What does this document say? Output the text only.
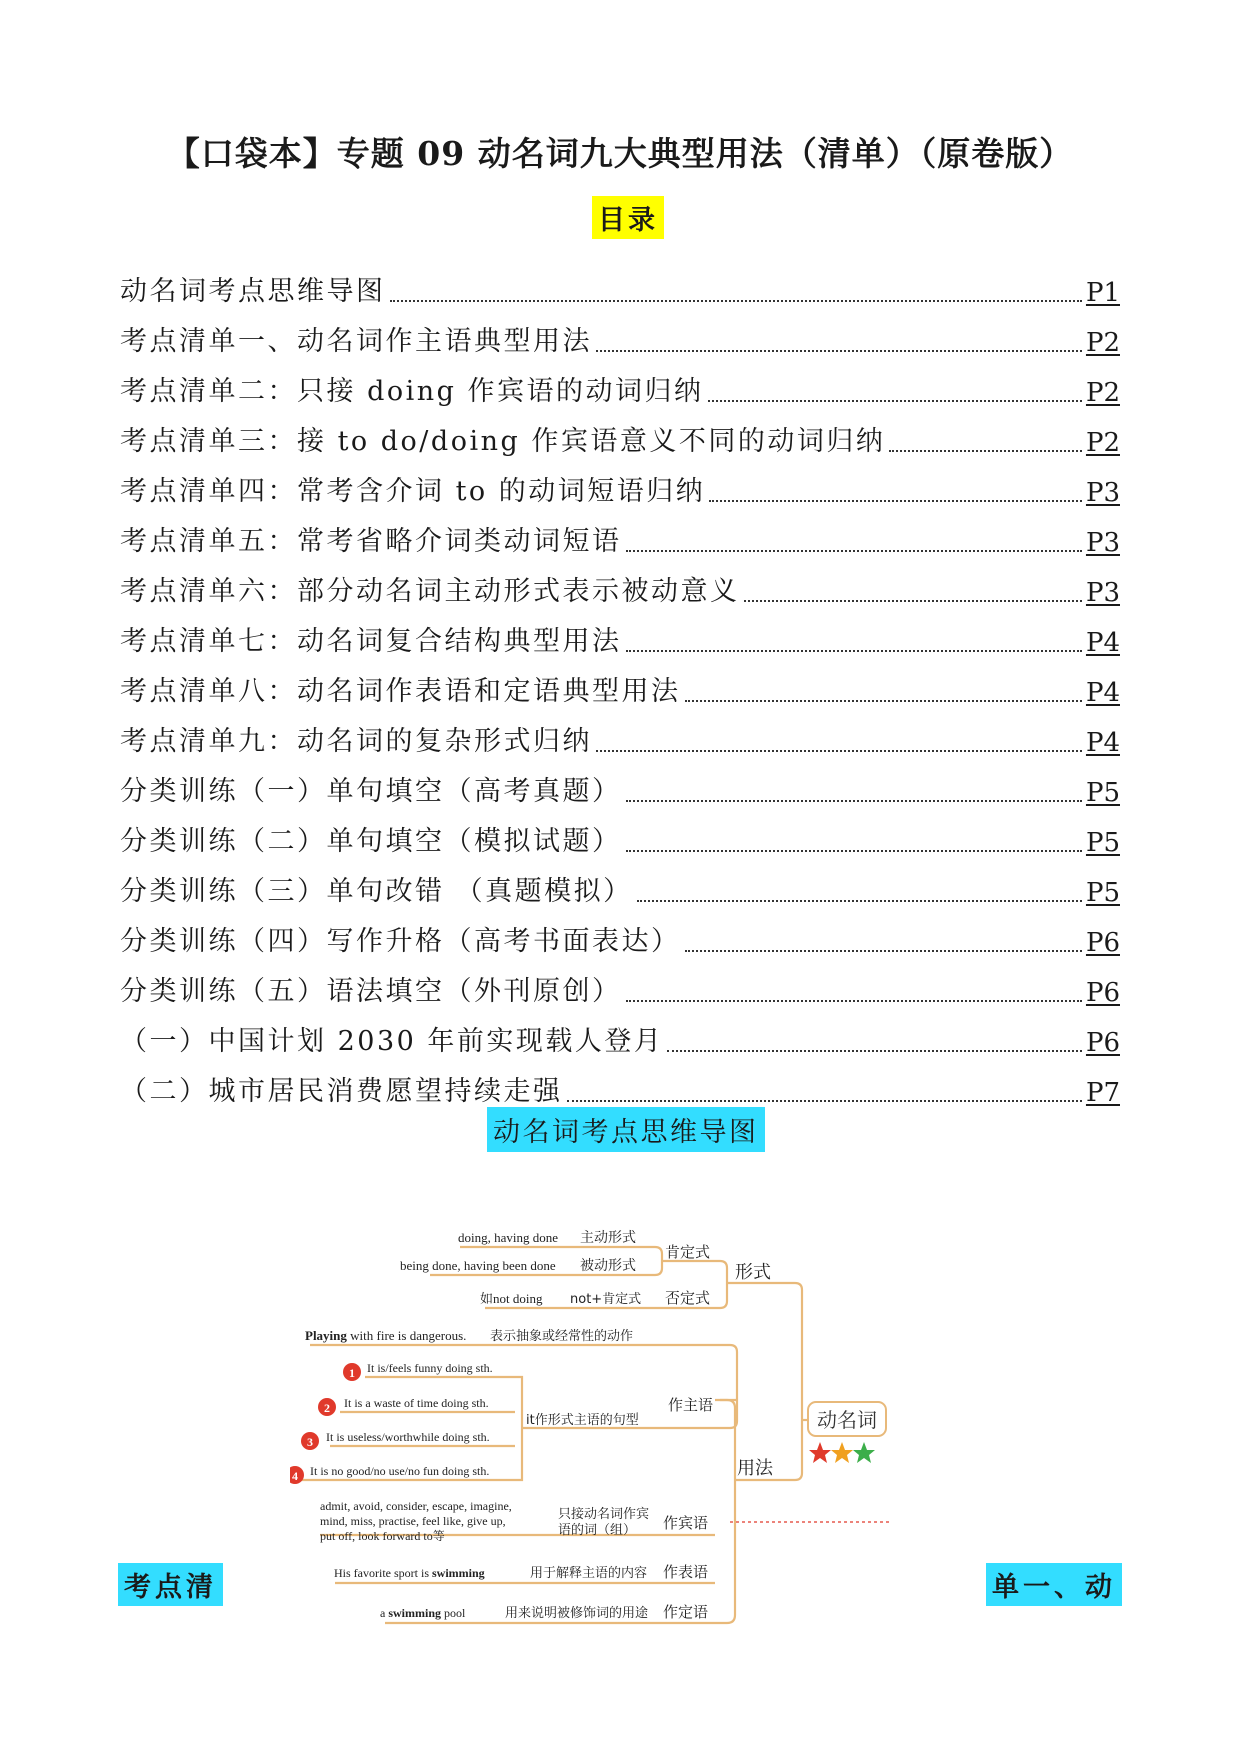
【口袋本】专题 09 动名词九大典型用法（清单）（原卷版）
目录
动名词考点思维导图	P1
考点清单一、动名词作主语典型用法	P2
考点清单二：只接 doing 作宾语的动词归纳	P2
考点清单三：接 to do/doing 作宾语意义不同的动词归纳	P2
考点清单四：常考含介词 to 的动词短语归纳	P3
考点清单五：常考省略介词类动词短语	P3
考点清单六：部分动名词主动形式表示被动意义	P3
考点清单七：动名词复合结构典型用法	P4
考点清单八：动名词作表语和定语典型用法	P4
考点清单九：动名词的复杂形式归纳	P4
分类训练（一）单句填空（高考真题）	P5
分类训练（二）单句填空（模拟试题）	P5
分类训练（三）单句改错 （真题模拟）	P5
分类训练（四）写作升格（高考书面表达）	P6
分类训练（五）语法填空（外刊原创）	P6
（一）中国计划 2030 年前实现载人登月	P6
（二）城市居民消费愿望持续走强	P7
动名词考点思维导图
doing, having done 主动形式
being done, having been done 被动形式
肯定式
如not doing not+肯定式 否定式
形式
Playing with fire is dangerous. 表示抽象或经常性的动作
1 It is/feels funny doing sth.
2 It is a waste of time doing sth.
3 It is useless/worthwhile doing sth.
4 It is no good/no use/no fun doing sth.
it作形式主语的句型
作主语
admit, avoid, consider, escape, imagine,
mind, miss, practise, feel like, give up,
put off, look forward to等
只接动名词作宾
语的词（组） 作宾语
His favorite sport is swimming	用于解释主语的内容 作表语
a swimming pool	用来说明被修饰词的用途 作定语
用法
动名词
考点清	单一、动
